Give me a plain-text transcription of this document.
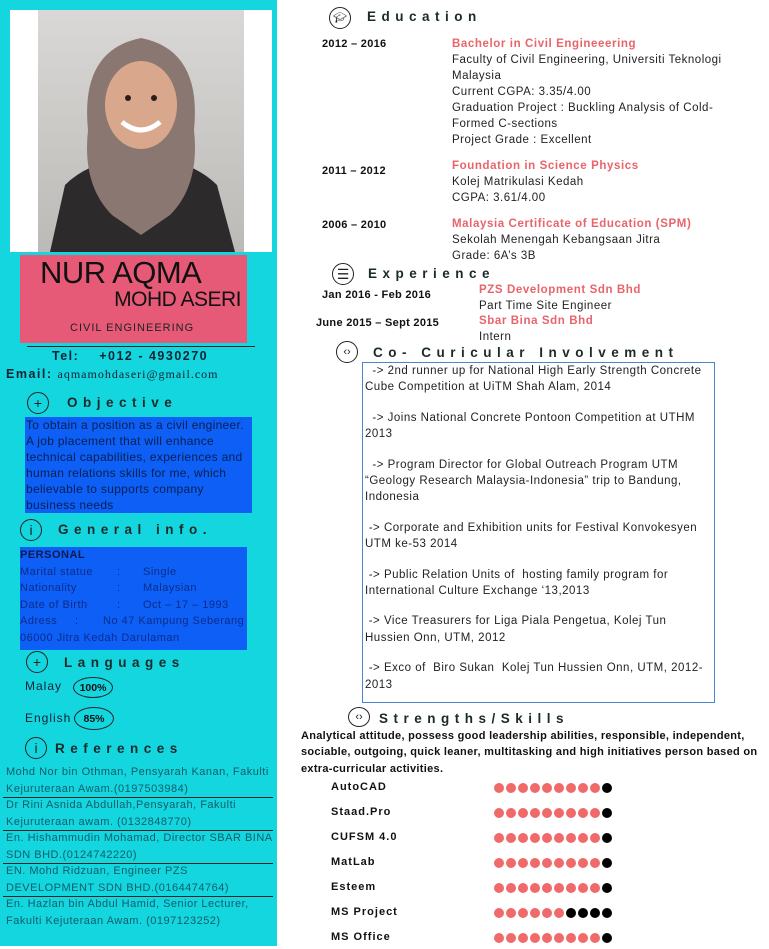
NUR AQMA
MOHD ASERI
CIVIL ENGINEERING
Tel: +012 - 4930270
Email: aqmamohdaseri@gmail.com
+	Objective
To obtain a position as a civil engineer. A job placement that will enhance technical capabilities, experiences and human relations skills for me, which believable to supports company business needs
i	General info.
PERSONAL
Marital statue : Single
Nationality	: Malaysian
Date of Birth	: Oct – 17 – 1993
Adress : No 47 Kampung Seberang
06000 Jitra Kedah Darulaman
+	Languages
Malay	100%
English	85%
i	References
Mohd Nor bin Othman, Pensyarah Kanan, Fakulti Kejuruteraan Awam.(0197503984)
Dr Rini Asnida Abdullah,Pensyarah, Fakulti Kejuruteraan awam. (0132848770)
En. Hishammudin Mohamad, Director SBAR BINA SDN BHD.(0124742220)
EN. Mohd Ridzuan, Engineer PZS DEVELOPMENT SDN BHD.(0164474764)
En. Hazlan bin Abdul Hamid, Senior Lecturer, Fakulti Kejuteraan Awam. (0197123252)
🎓︎ Education
2012 – 2016	Bachelor in Civil Engineeering
Faculty of Civil Engineering, Universiti Teknologi Malaysia
Current CGPA: 3.35/4.00
Graduation Project : Buckling Analysis of Cold- Formed C-sections
Project Grade : Excellent
2011 – 2012	Foundation in Science Physics
Kolej Matrikulasi Kedah
CGPA: 3.61/4.00
2006 – 2010	Malaysia Certificate of Education (SPM)
Sekolah Menengah Kebangsaan Jitra
Grade: 6A’s 3B
☰	Experience
Jan 2016 - Feb 2016	PZS Development Sdn Bhd
Part Time Site Engineer
June 2015 – Sept 2015	Sbar Bina Sdn Bhd
Intern
‹›	Co- Curicular Involvement

-> 2nd runner up for National High Early Strength Concrete Cube Competition at UiTM Shah Alam, 2014

-> Joins National Concrete Pontoon Competition at UTHM 2013

-> Program Director for Global Outreach Program UTM “Geology Research Malaysia-Indonesia” trip to Bandung, Indonesia

-> Corporate and Exhibition units for Festival Konvokesyen UTM ke-53 2014

-> Public Relation Units of  hosting family program for International Culture Exchange ‘13,2013

-> Vice Treasurers for Liga Piala Pengetua, Kolej Tun Hussien Onn, UTM, 2012

-> Exco of  Biro Sukan  Kolej Tun Hussien Onn, UTM, 2012-2013

‹›	Strengths/Skills
Analytical attitude, possess good leadership abilities, responsible, independent, sociable, outgoing, quick leaner, multitasking and high initiatives person based on extra-curricular activities.
AutoCAD
Staad.Pro
CUFSM 4.0
MatLab
Esteem
MS Project
MS Office
